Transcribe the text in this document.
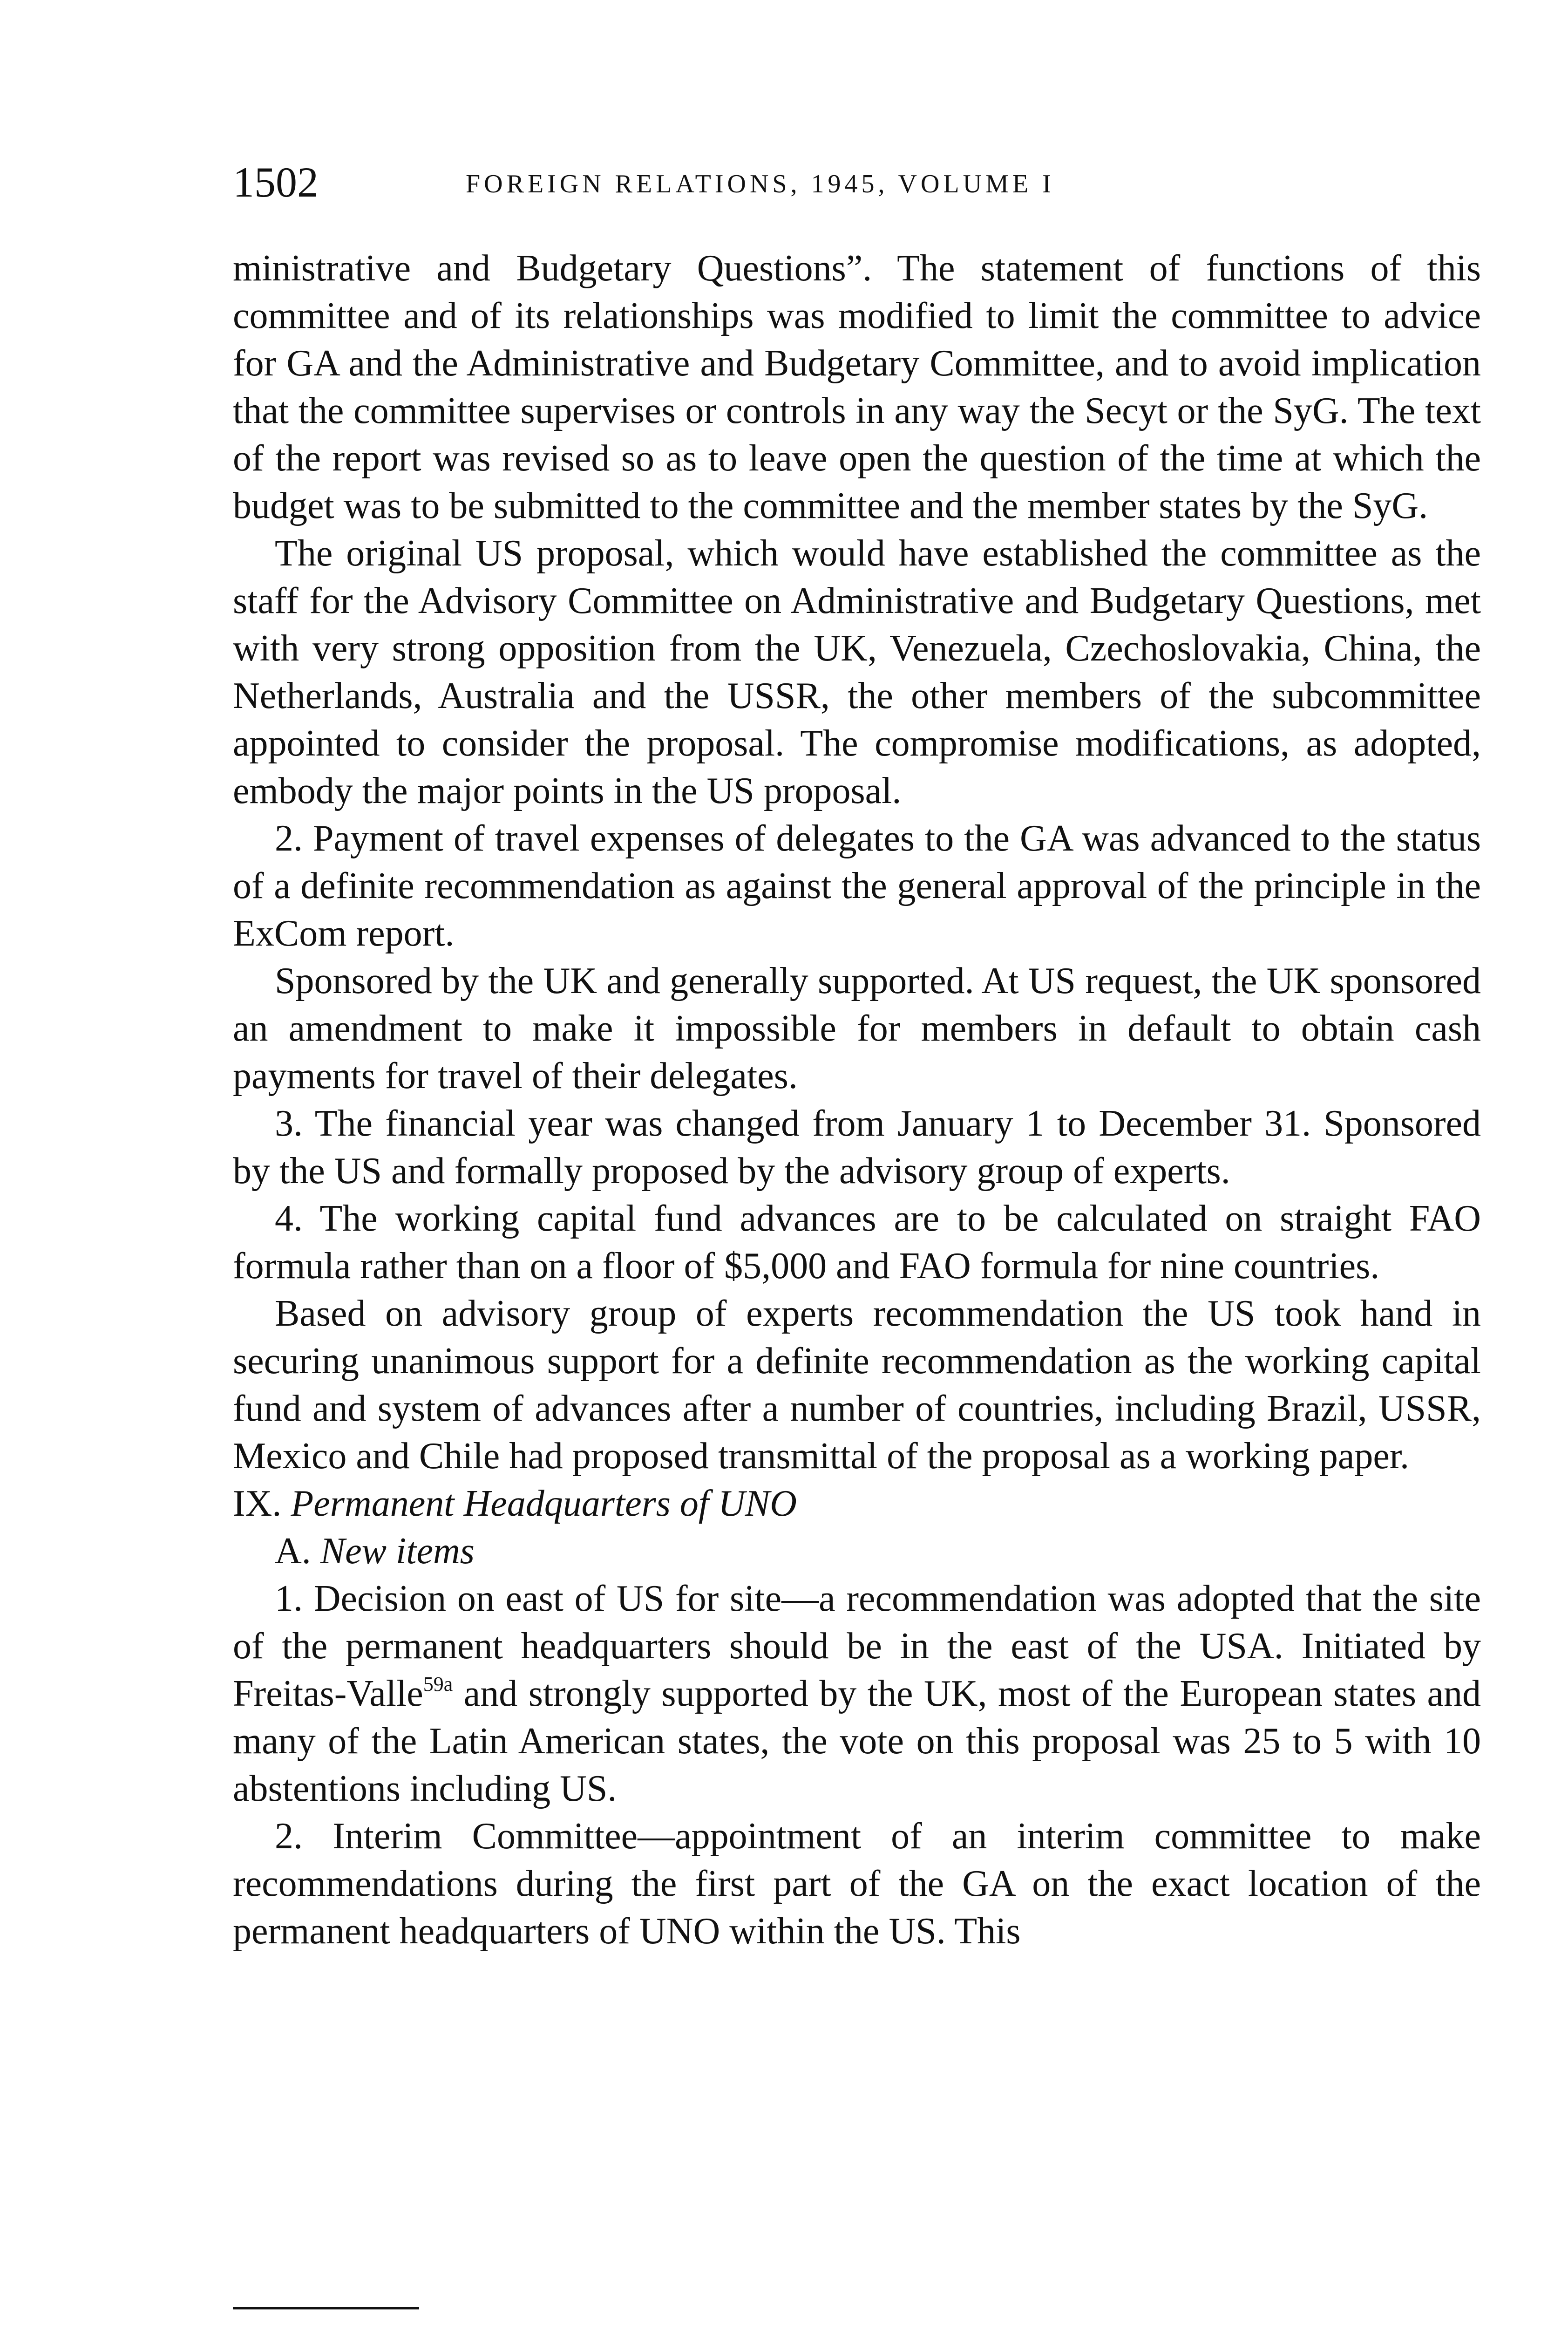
1502	FOREIGN RELATIONS, 1945, VOLUME I

ministrative and Budgetary Questions”. The statement of functions of this committee and of its relationships was modified to limit the committee to advice for GA and the Administrative and Budgetary Committee, and to avoid implication that the committee supervises or controls in any way the Secyt or the SyG. The text of the report was revised so as to leave open the question of the time at which the budget was to be submitted to the committee and the member states by the SyG.

The original US proposal, which would have established the committee as the staff for the Advisory Committee on Administrative and Budgetary Questions, met with very strong opposition from the UK, Venezuela, Czechoslovakia, China, the Netherlands, Australia and the USSR, the other members of the subcommittee appointed to consider the proposal. The compromise modifications, as adopted, embody the major points in the US proposal.

2. Payment of travel expenses of delegates to the GA was advanced to the status of a definite recommendation as against the general approval of the principle in the ExCom report.

Sponsored by the UK and generally supported. At US request, the UK sponsored an amendment to make it impossible for members in default to obtain cash payments for travel of their delegates.

3. The financial year was changed from January 1 to December 31. Sponsored by the US and formally proposed by the advisory group of experts.

4. The working capital fund advances are to be calculated on straight FAO formula rather than on a floor of $5,000 and FAO formula for nine countries.

Based on advisory group of experts recommendation the US took hand in securing unanimous support for a definite recommendation as the working capital fund and system of advances after a number of countries, including Brazil, USSR, Mexico and Chile had proposed transmittal of the proposal as a working paper.

IX. Permanent Headquarters of UNO

A. New items

1. Decision on east of US for site—a recommendation was adopted that the site of the permanent headquarters should be in the east of the USA. Initiated by Freitas-Valle$^{59a}$ and strongly supported by the UK, most of the European states and many of the Latin American states, the vote on this proposal was 25 to 5 with 10 abstentions including US.

2. Interim Committee—appointment of an interim committee to make recommendations during the first part of the GA on the exact location of the permanent headquarters of UNO within the US. This
